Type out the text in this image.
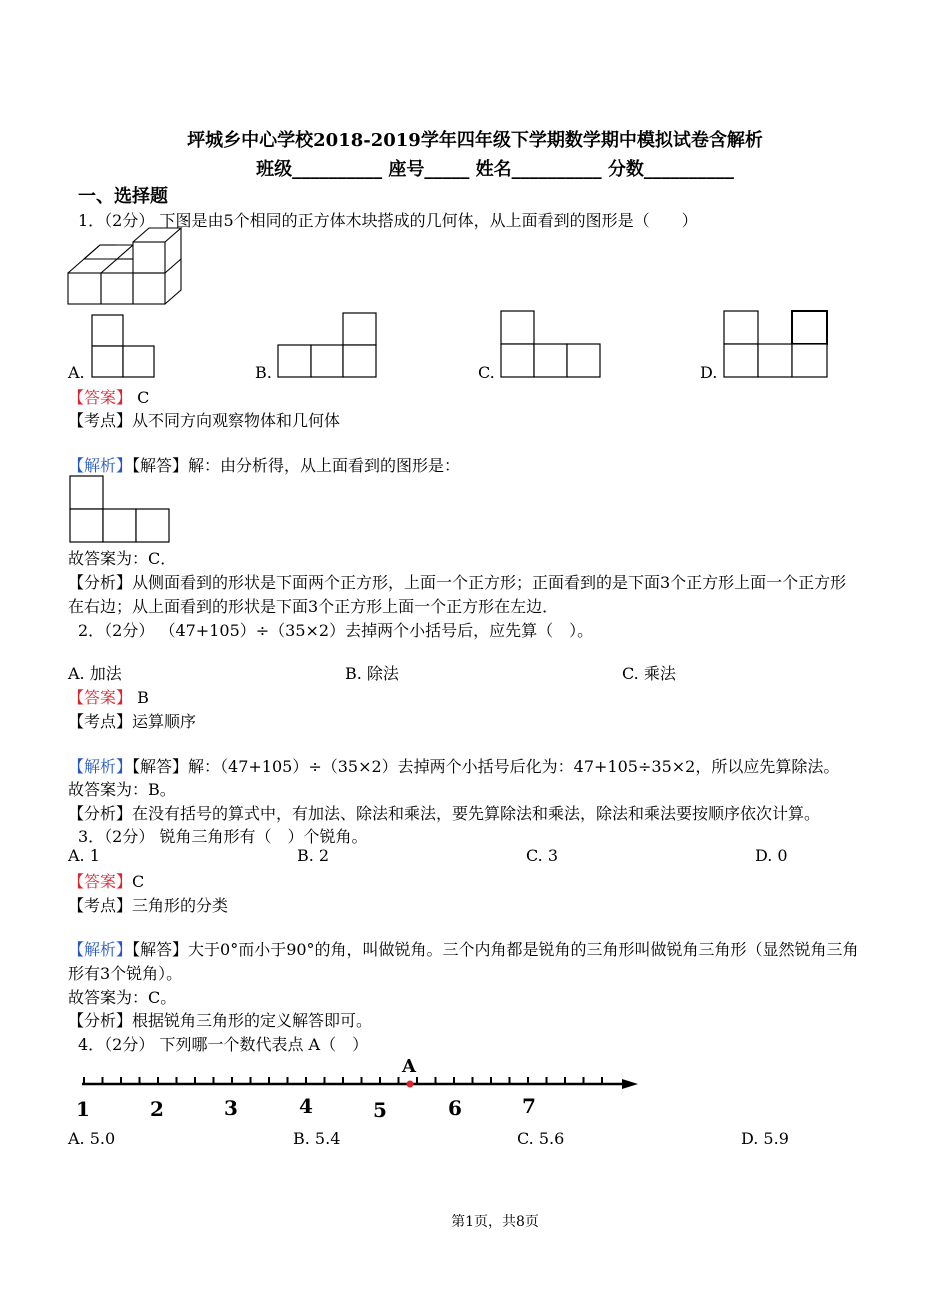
坪城乡中心学校2018-2019学年四年级下学期数学期中模拟试卷含解析
班级__________ 座号_____ 姓名__________ 分数__________
一、选择题
1．（2分） 下图是由5个相同的正方体木块搭成的几何体，从上面看到的图形是（　　）
A.	B.	C.	D.
【答案】 C
【考点】从不同方向观察物体和几何体
【解析】【解答】解：由分析得，从上面看到的图形是：
故答案为：C．
【分析】从侧面看到的形状是下面两个正方形，上面一个正方形；正面看到的是下面3个正方形上面一个正方形
在右边；从上面看到的形状是下面3个正方形上面一个正方形在左边．
2．（2分） （47+105）÷（35×2）去掉两个小括号后，应先算（　）。
A. 加法	B. 除法	C. 乘法
【答案】 B
【考点】运算顺序
【解析】【解答】解：（47+105）÷（35×2）去掉两个小括号后化为：47+105÷35×2，所以应先算除法。
故答案为：B。
【分析】在没有括号的算式中，有加法、除法和乘法，要先算除法和乘法，除法和乘法要按顺序依次计算。
3．（2分） 锐角三角形有（　）个锐角。
A. 1	B. 2	C. 3	D. 0
【答案】C
【考点】三角形的分类
【解析】【解答】大于0°而小于90°的角，叫做锐角。三个内角都是锐角的三角形叫做锐角三角形（显然锐角三角
形有3个锐角）。
故答案为：C。
【分析】根据锐角三角形的定义解答即可。
4．（2分） 下列哪一个数代表点 A（　）
1	2	3	4	5	6	7
A
A. 5.0	B. 5.4	C. 5.6	D. 5.9
第1页，共8页
